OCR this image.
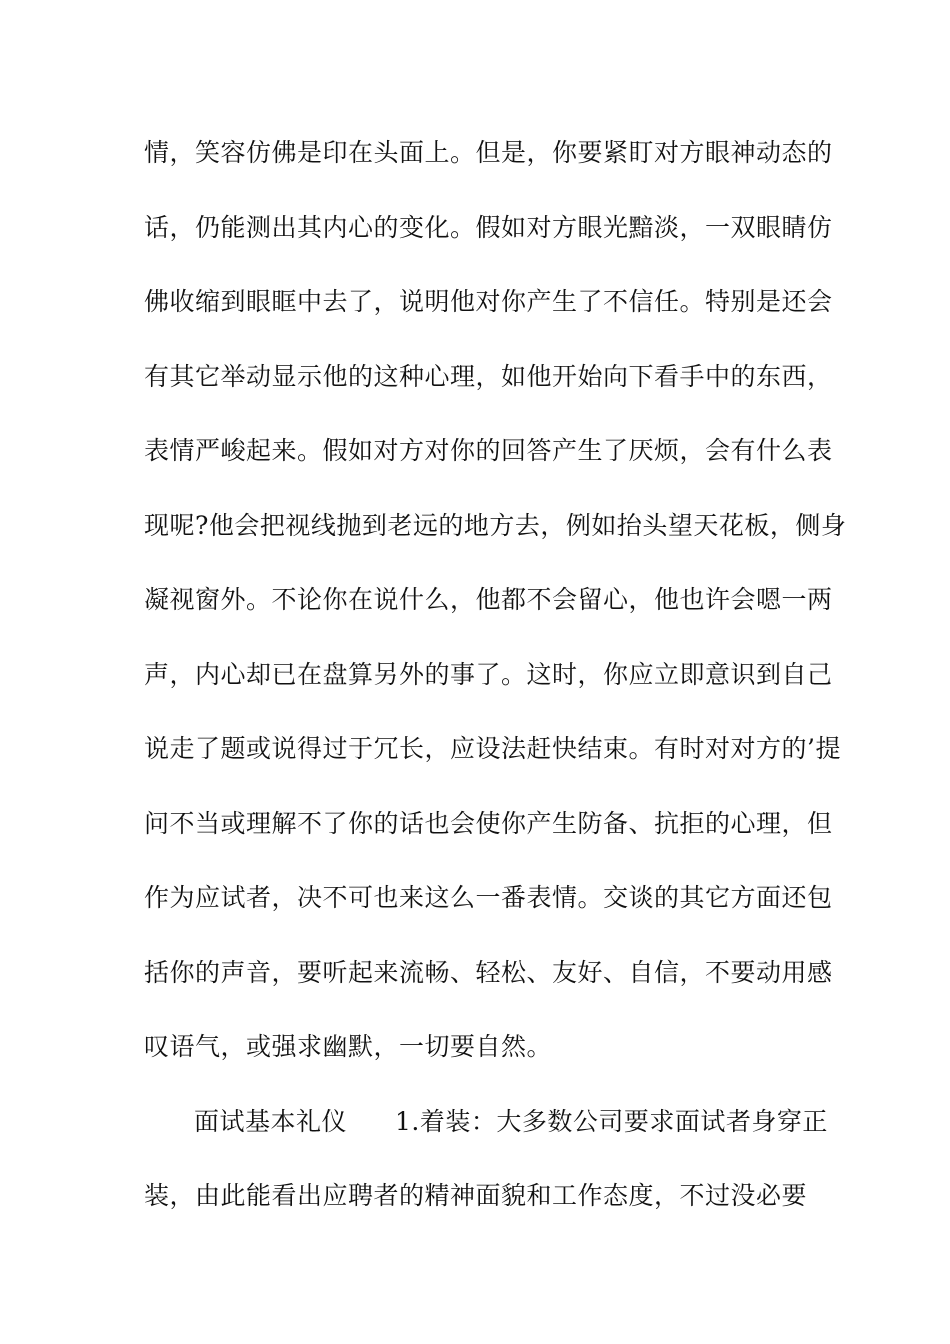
情，笑容仿佛是印在头面上。但是，你要紧盯对方眼神动态的
话，仍能测出其内心的变化。假如对方眼光黯淡，一双眼睛仿
佛收缩到眼眶中去了，说明他对你产生了不信任。特别是还会
有其它举动显示他的这种心理，如他开始向下看手中的东西，
表情严峻起来。假如对方对你的回答产生了厌烦，会有什么表
现呢?他会把视线抛到老远的地方去，例如抬头望天花板，侧身
凝视窗外。不论你在说什么，他都不会留心，他也许会嗯一两
声，内心却已在盘算另外的事了。这时，你应立即意识到自己
说走了题或说得过于冗长，应设法赶快结束。有时对对方的’提
问不当或理解不了你的话也会使你产生防备、抗拒的心理，但
作为应试者，决不可也来这么一番表情。交谈的其它方面还包
括你的声音，要听起来流畅、轻松、友好、自信，不要动用感
叹语气，或强求幽默，一切要自然。
面试基本礼仪 1.着装：大多数公司要求面试者身穿正
装，由此能看出应聘者的精神面貌和工作态度，不过没必要
